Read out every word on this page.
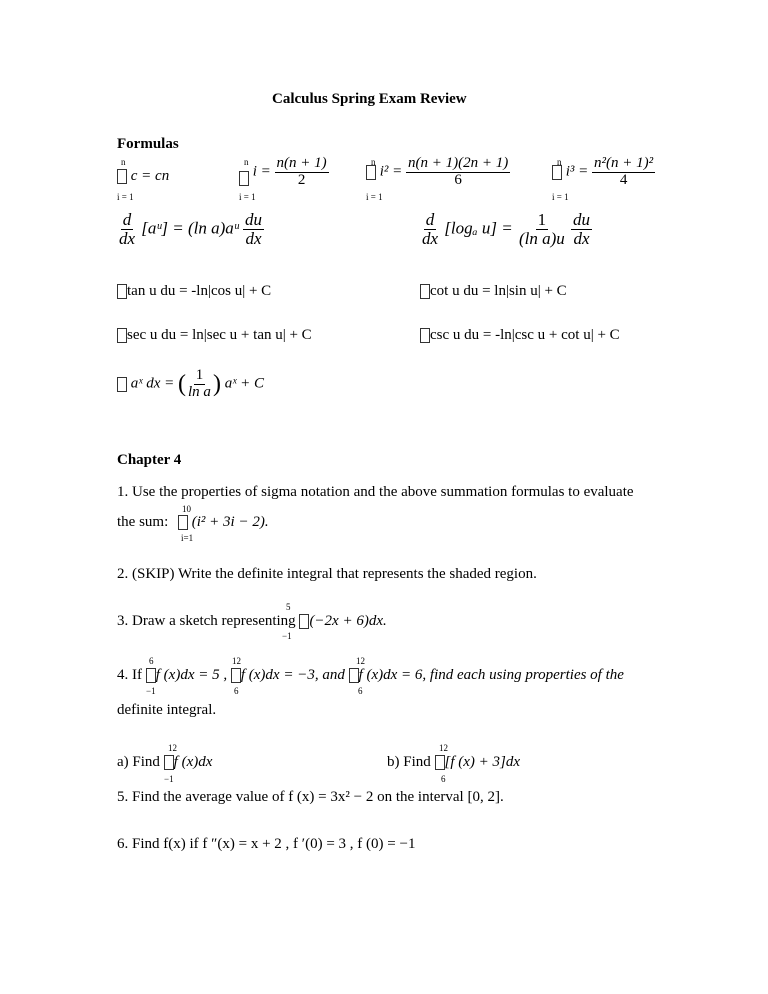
Calculus Spring Exam Review
Formulas
n
c = cn
i = 1
n
$i = \frac{n(n + 1)}{2}$
i = 1
n
$i^2 = \frac{n(n + 1)(2n + 1)}{6}$
i = 1
n
$i^3 = \frac{\text{n²(n + 1)²}}{4}$
i = 1
$\frac{d}{dx}$ [aᵘ] = (ln a)aᵘ $\frac{du}{dx}$	$\frac{d}{dx} [\log_a$ $u] = \frac{1}{\text{(ln a)u}}$
$\frac{du}{dx}$
tan u du = -ln|cos u| + C	cot u du = ln|sin u| + C
sec u du = ln|sec u + tan u| + C	csc u du = -ln|csc u + cot u| + C
aˣ dx = ( $\frac{1}{\text{ln a}}$ ) aˣ + C
Chapter 4
1. Use the properties of sigma notation and the above summation formulas to evaluate
10
the sum: (i² + 3i − 2).
i=1
2. (SKIP) Write the definite integral that represents the shaded region.
5
3. Draw a sketch representing (−2x + 6)dx.
−1
6	12	12
4. If f (x)dx = 5 , f (x)dx = −3, and f (x)dx = 6, find each using properties of the
−1	6	6
definite integral.
12
a) Find f (x)dx
−1
12
b) Find [f (x) + 3]dx
6
5. Find the average value of f (x) = 3x² − 2 on the interval [0, 2].
6. Find f(x) if f ″(x) = x + 2 , f ′(0) = 3 , f (0) = −1
